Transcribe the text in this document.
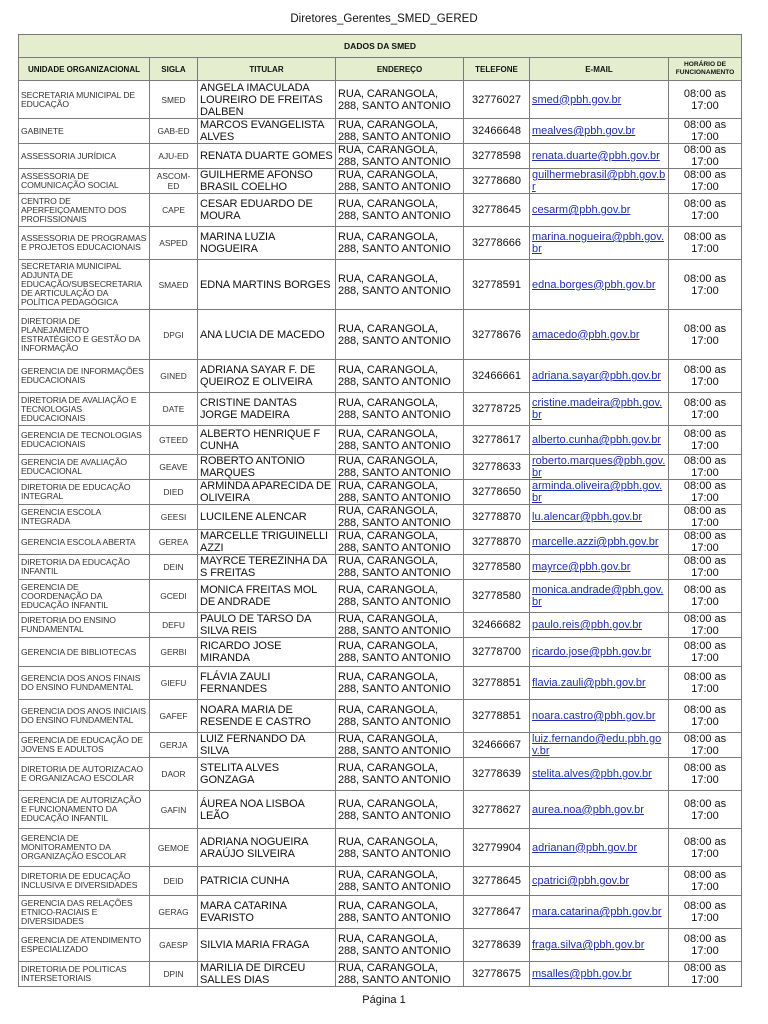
Diretores_Gerentes_SMED_GERED
DADOS DA SMED						
UNIDADE ORGANIZACIONAL	SIGLA	TITULAR	ENDEREÇO	TELEFONE	E-MAIL	HORÁRIO DE FUNCIONAMENTO
SECRETARIA MUNICIPAL DE EDUCAÇÃO	SMED	ANGELA IMACULADA LOUREIRO DE FREITAS DALBEN	RUA, CARANGOLA, 288, SANTO ANTONIO	32776027	smed@pbh.gov.br	08:00 as 17:00
GABINETE	GAB-ED	MARCOS EVANGELISTA ALVES	RUA, CARANGOLA, 288, SANTO ANTONIO	32466648	mealves@pbh.gov.br	08:00 as 17:00
ASSESSORIA JURÍDICA	AJU-ED	RENATA DUARTE GOMES	RUA, CARANGOLA, 288, SANTO ANTONIO	32778598	renata.duarte@pbh.gov.br	08:00 as 17:00
ASSESSORIA DE COMUNICAÇÃO SOCIAL	ASCOM-ED	GUILHERME AFONSO BRASIL COELHO	RUA, CARANGOLA, 288, SANTO ANTONIO	32778680	guilhermebrasil@pbh.gov.br	08:00 as 17:00
CENTRO DE APERFEIÇOAMENTO DOS PROFISSIONAIS	CAPE	CESAR EDUARDO DE MOURA	RUA, CARANGOLA, 288, SANTO ANTONIO	32778645	cesarm@pbh.gov.br	08:00 as 17:00
ASSESSORIA DE PROGRAMAS E PROJETOS EDUCACIONAIS	ASPED	MARINA LUZIA NOGUEIRA	RUA, CARANGOLA, 288, SANTO ANTONIO	32778666	marina.nogueira@pbh.gov.br	08:00 as 17:00
SECRETARIA MUNICIPAL ADJUNTA DE EDUCAÇÃO/SUBSECRETARIA DE ARTICULAÇÃO DA POLÍTICA PEDAGÓGICA	SMAED	EDNA MARTINS BORGES	RUA, CARANGOLA, 288, SANTO ANTONIO	32778591	edna.borges@pbh.gov.br	08:00 as 17:00
DIRETORIA DE PLANEJAMENTO ESTRATÉGICO E GESTÃO DA INFORMAÇÃO	DPGI	ANA LUCIA DE MACEDO	RUA, CARANGOLA, 288, SANTO ANTONIO	32778676	amacedo@pbh.gov.br	08:00 as 17:00
GERENCIA DE INFORMAÇÕES EDUCACIONAIS	GINED	ADRIANA SAYAR F. DE QUEIROZ E OLIVEIRA	RUA, CARANGOLA, 288, SANTO ANTONIO	32466661	adriana.sayar@pbh.gov.br	08:00 as 17:00
DIRETORIA DE AVALIAÇÃO E TECNOLOGIAS EDUCACIONAIS	DATE	CRISTINE DANTAS JORGE MADEIRA	RUA, CARANGOLA, 288, SANTO ANTONIO	32778725	cristine.madeira@pbh.gov.br	08:00 as 17:00
GERENCIA DE TECNOLOGIAS EDUCACIONAIS	GTEED	ALBERTO HENRIQUE F CUNHA	RUA, CARANGOLA, 288, SANTO ANTONIO	32778617	alberto.cunha@pbh.gov.br	08:00 as 17:00
GERENCIA DE AVALIAÇÃO EDUCACIONAL	GEAVE	ROBERTO ANTONIO MARQUES	RUA, CARANGOLA, 288, SANTO ANTONIO	32778633	roberto.marques@pbh.gov.br	08:00 as 17:00
DIRETORIA DE EDUCAÇÃO INTEGRAL	DIED	ARMINDA APARECIDA DE OLIVEIRA	RUA, CARANGOLA, 288, SANTO ANTONIO	32778650	arminda.oliveira@pbh.gov.br	08:00 as 17:00
GERENCIA ESCOLA INTEGRADA	GEESI	LUCILENE ALENCAR	RUA, CARANGOLA, 288, SANTO ANTONIO	32778870	lu.alencar@pbh.gov.br	08:00 as 17:00
GERENCIA ESCOLA ABERTA	GEREA	MARCELLE TRIGUINELLI AZZI	RUA, CARANGOLA, 288, SANTO ANTONIO	32778870	marcelle.azzi@pbh.gov.br	08:00 as 17:00
DIRETORIA DA EDUCAÇÃO INFANTIL	DEIN	MAYRCE TEREZINHA DA S FREITAS	RUA, CARANGOLA, 288, SANTO ANTONIO	32778580	mayrce@pbh.gov.br	08:00 as 17:00
GERENCIA DE COORDENAÇÃO DA EDUCAÇÃO INFANTIL	GCEDI	MONICA FREITAS MOL DE ANDRADE	RUA, CARANGOLA, 288, SANTO ANTONIO	32778580	monica.andrade@pbh.gov.br	08:00 as 17:00
DIRETORIA DO ENSINO FUNDAMENTAL	DEFU	PAULO DE TARSO DA SILVA REIS	RUA, CARANGOLA, 288, SANTO ANTONIO	32466682	paulo.reis@pbh.gov.br	08:00 as 17:00
GERENCIA DE BIBLIOTECAS	GERBI	RICARDO JOSE MIRANDA	RUA, CARANGOLA, 288, SANTO ANTONIO	32778700	ricardo.jose@pbh.gov.br	08:00 as 17:00
GERENCIA DOS ANOS FINAIS DO ENSINO FUNDAMENTAL	GIEFU	FLÁVIA ZAULI FERNANDES	RUA, CARANGOLA, 288, SANTO ANTONIO	32778851	flavia.zauli@pbh.gov.br	08:00 as 17:00
GERENCIA DOS ANOS INICIAIS DO ENSINO FUNDAMENTAL	GAFEF	NOARA MARIA DE RESENDE E CASTRO	RUA, CARANGOLA, 288, SANTO ANTONIO	32778851	noara.castro@pbh.gov.br	08:00 as 17:00
GERENCIA DE EDUCAÇÃO DE JOVENS E ADULTOS	GERJA	LUIZ FERNANDO DA SILVA	RUA, CARANGOLA, 288, SANTO ANTONIO	32466667	luiz.fernando@edu.pbh.gov.br	08:00 as 17:00
DIRETORIA DE AUTORIZACAO E ORGANIZACAO ESCOLAR	DAOR	STELITA ALVES GONZAGA	RUA, CARANGOLA, 288, SANTO ANTONIO	32778639	stelita.alves@pbh.gov.br	08:00 as 17:00
GERENCIA DE AUTORIZAÇÃO E FUNCIONAMENTO DA EDUCAÇÃO INFANTIL	GAFIN	ÁUREA NOA LISBOA LEÃO	RUA, CARANGOLA, 288, SANTO ANTONIO	32778627	aurea.noa@pbh.gov.br	08:00 as 17:00
GERENCIA DE MONITORAMENTO DA ORGANIZAÇÃO ESCOLAR	GEMOE	ADRIANA NOGUEIRA ARAÚJO SILVEIRA	RUA, CARANGOLA, 288, SANTO ANTONIO	32779904	adrianan@pbh.gov.br	08:00 as 17:00
DIRETORIA DE EDUCAÇÃO INCLUSIVA E DIVERSIDADES	DEID	PATRICIA CUNHA	RUA, CARANGOLA, 288, SANTO ANTONIO	32778645	cpatrici@pbh.gov.br	08:00 as 17:00
GERENCIA DAS RELAÇÕES ETNICO-RACIAIS E DIVERSIDADES	GERAG	MARA CATARINA EVARISTO	RUA, CARANGOLA, 288, SANTO ANTONIO	32778647	mara.catarina@pbh.gov.br	08:00 as 17:00
GERENCIA DE ATENDIMENTO ESPECIALIZADO	GAESP	SILVIA MARIA FRAGA	RUA, CARANGOLA, 288, SANTO ANTONIO	32778639	fraga.silva@pbh.gov.br	08:00 as 17:00
DIRETORIA DE POLITICAS INTERSETORIAIS	DPIN	MARILIA DE DIRCEU SALLES DIAS	RUA, CARANGOLA, 288, SANTO ANTONIO	32778675	msalles@pbh.gov.br	08:00 as 17:00
Página 1
